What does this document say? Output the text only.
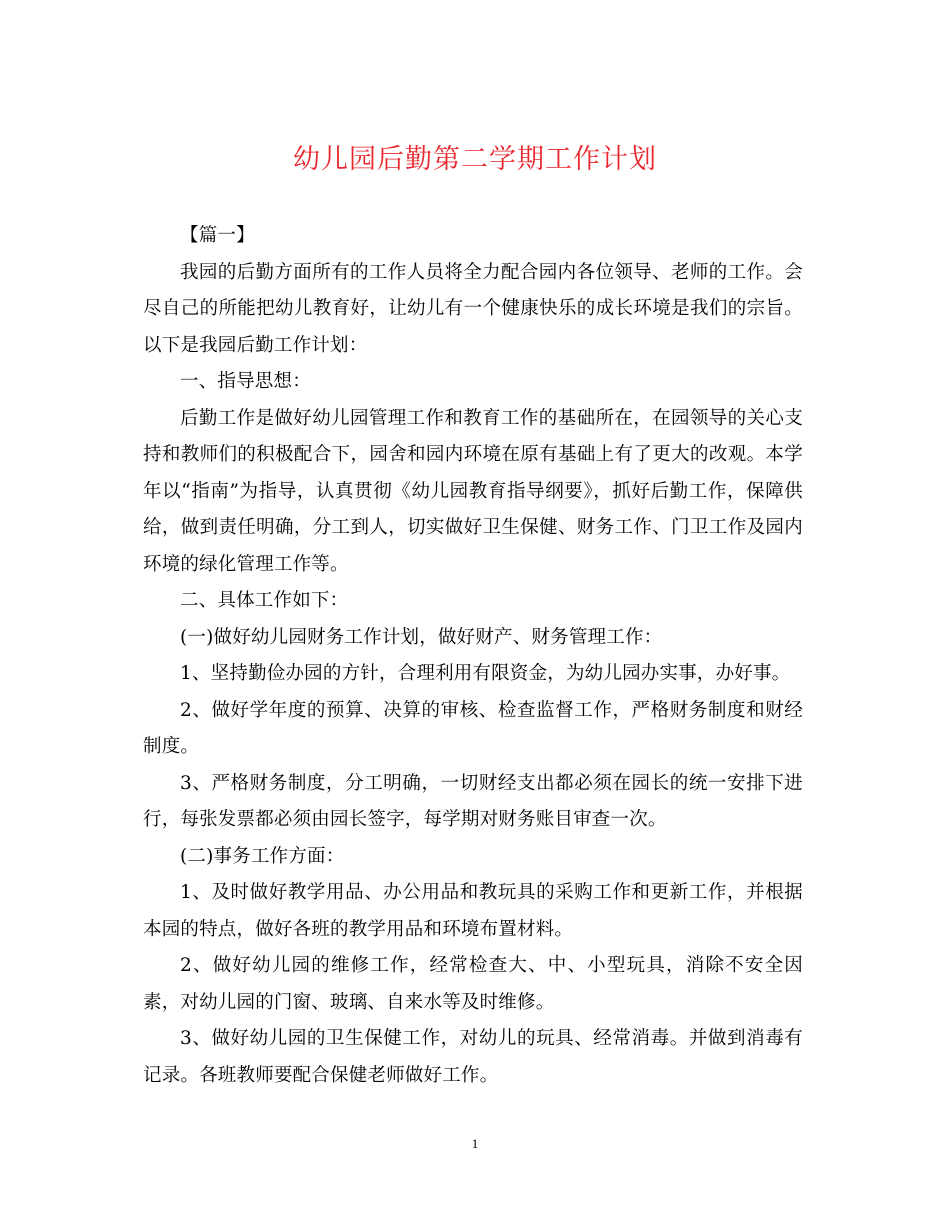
幼儿园后勤第二学期工作计划

【篇一】

我园的后勤方面所有的工作人员将全力配合园内各位领导、老师的工作。会尽自己的所能把幼儿教育好，让幼儿有一个健康快乐的成长环境是我们的宗旨。以下是我园后勤工作计划：

一、指导思想：

后勤工作是做好幼儿园管理工作和教育工作的基础所在，在园领导的关心支持和教师们的积极配合下，园舍和园内环境在原有基础上有了更大的改观。本学年以“指南”为指导，认真贯彻《幼儿园教育指导纲要》，抓好后勤工作，保障供给，做到责任明确，分工到人，切实做好卫生保健、财务工作、门卫工作及园内环境的绿化管理工作等。

二、具体工作如下：

(一)做好幼儿园财务工作计划，做好财产、财务管理工作：

1、坚持勤俭办园的方针，合理利用有限资金，为幼儿园办实事，办好事。

2、做好学年度的预算、决算的审核、检查监督工作，严格财务制度和财经制度。

3、严格财务制度，分工明确，一切财经支出都必须在园长的统一安排下进行，每张发票都必须由园长签字，每学期对财务账目审查一次。

(二)事务工作方面：

1、及时做好教学用品、办公用品和教玩具的采购工作和更新工作，并根据本园的特点，做好各班的教学用品和环境布置材料。

2、做好幼儿园的维修工作，经常检查大、中、小型玩具，消除不安全因素，对幼儿园的门窗、玻璃、自来水等及时维修。

3、做好幼儿园的卫生保健工作，对幼儿的玩具、经常消毒。并做到消毒有记录。各班教师要配合保健老师做好工作。

1
